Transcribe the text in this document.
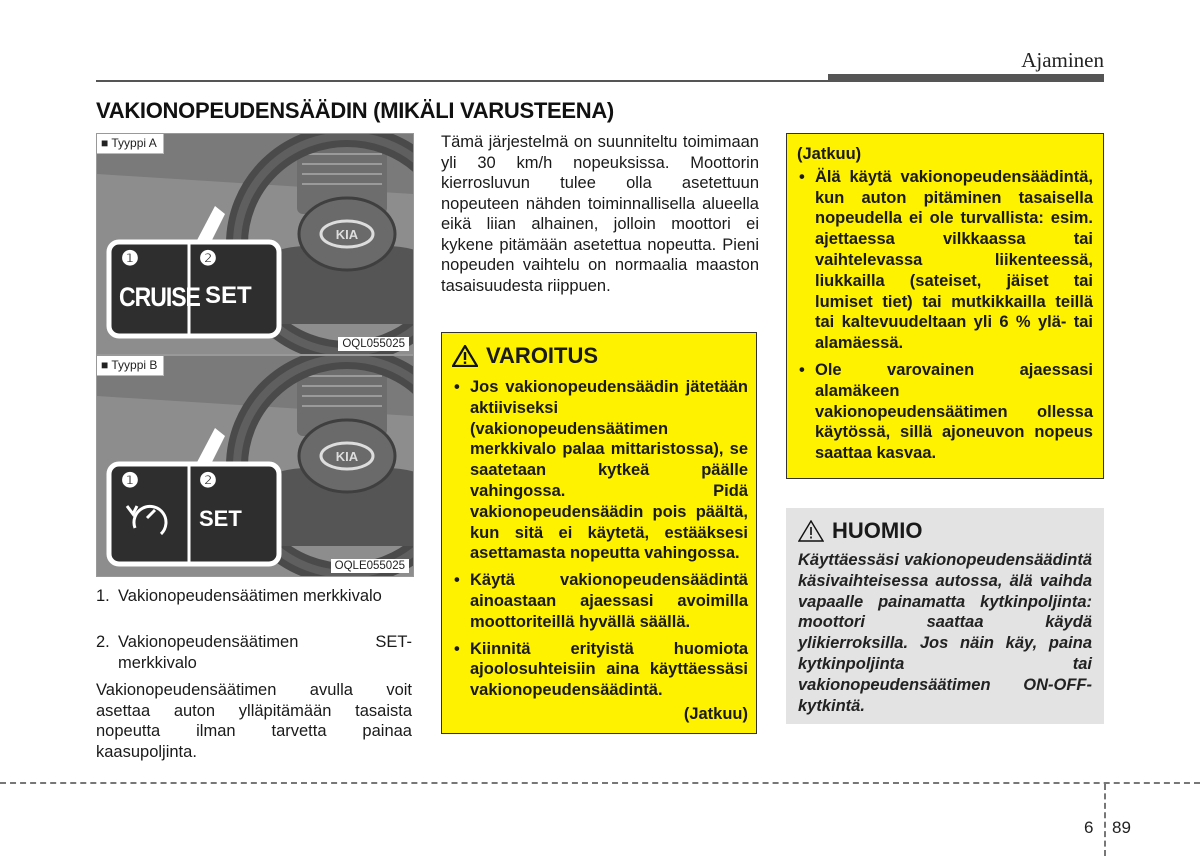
Ajaminen
VAKIONOPEUDENSÄÄDIN (MIKÄLI VARUSTEENA)
KIA
❶	❷
CRUISE SET
■ Tyyppi A
OQL055025
KIA
❶	❷
SET
■ Tyyppi B
OQLE055025
1. Vakionopeudensäätimen merkkivalo
2. Vakionopeudensäätimen SET-merkkivalo
Vakionopeudensäätimen avulla voit asettaa auton ylläpitämään tasaista nopeutta ilman tarvetta painaa kaasupoljinta.
Tämä järjestelmä on suunniteltu toimimaan yli 30 km/h nopeuksissa. Moottorin kierrosluvun tulee olla asetettuun nopeuteen nähden toiminnallisella alueella eikä liian alhainen, jolloin moottori ei kykene pitämään asetettua nopeutta. Pieni nopeuden vaihtelu on normaalia maaston tasaisuudesta riippuen.
VAROITUS
• Jos vakionopeudensäädin jätetään aktiiviseksi (vakionopeudensäätimen merkkivalo palaa mittaristossa), se saatetaan kytkeä päälle vahingossa. Pidä vakionopeudensäädin pois päältä, kun sitä ei käytetä, estääksesi asettamasta nopeutta vahingossa.
• Käytä vakionopeudensäädintä ainoastaan ajaessasi avoimilla moottoriteillä hyvällä säällä.
• Kiinnitä erityistä huomiota ajoolosuhteisiin aina käyttäessäsi vakionopeudensäädintä.
(Jatkuu)
(Jatkuu)
• Älä käytä vakionopeudensäädintä, kun auton pitäminen tasaisella nopeudella ei ole turvallista: esim. ajettaessa vilkkaassa tai vaihtelevassa liikenteessä, liukkailla (sateiset, jäiset tai lumiset tiet) tai mutkikkailla teillä tai kaltevuudeltaan yli 6 % ylä- tai alamäessä.
• Ole varovainen ajaessasi alamäkeen vakionopeudensäätimen ollessa käytössä, sillä ajoneuvon nopeus saattaa kasvaa.
HUOMIO
Käyttäessäsi vakionopeudensäädintä käsivaihteisessa autossa, älä vaihda vapaalle painamatta kytkinpoljinta: moottori saattaa käydä ylikierroksilla. Jos näin käy, paina kytkinpoljinta tai vakionopeudensäätimen ON-OFF-kytkintä.
6 89
